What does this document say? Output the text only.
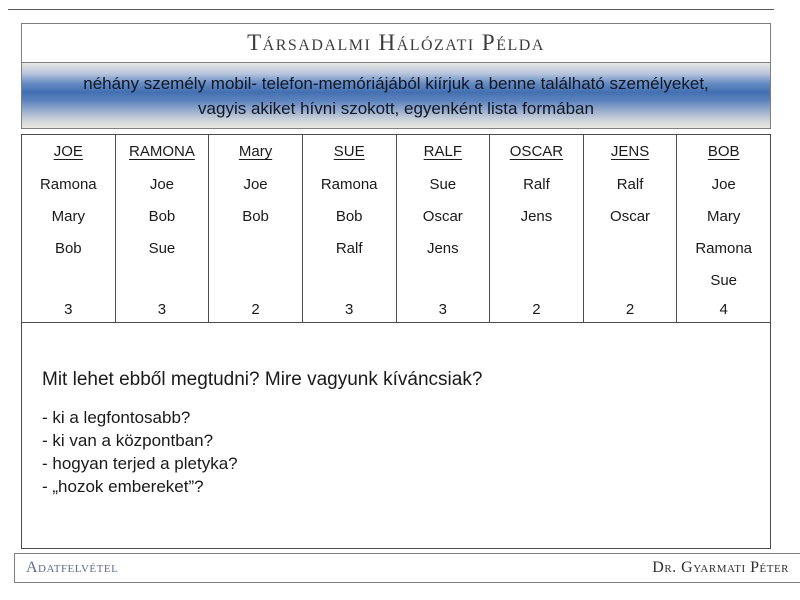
Társadalmi Hálózati Példa
néhány személy mobil- telefon-memóriájából kiírjuk a benne található személyeket,
vagyis akiket hívni szokott, egyenként lista formában
JOE
Ramona
Mary
Bob
3
RAMONA
Joe
Bob
Sue
3
Mary
Joe
Bob
2
SUE
Ramona
Bob
Ralf
3
RALF
Sue
Oscar
Jens
3
OSCAR
Ralf
Jens
2
JENS
Ralf
Oscar
2
BOB
Joe
Mary
Ramona
Sue
4

Mit lehet ebből megtudni? Mire vagyunk kíváncsiak?

- ki a legfontosabb?
- ki van a központban?
- hogyan terjed a pletyka?
- „hozok embereket”?
Adatfelvétel	Dr. Gyarmati Péter
